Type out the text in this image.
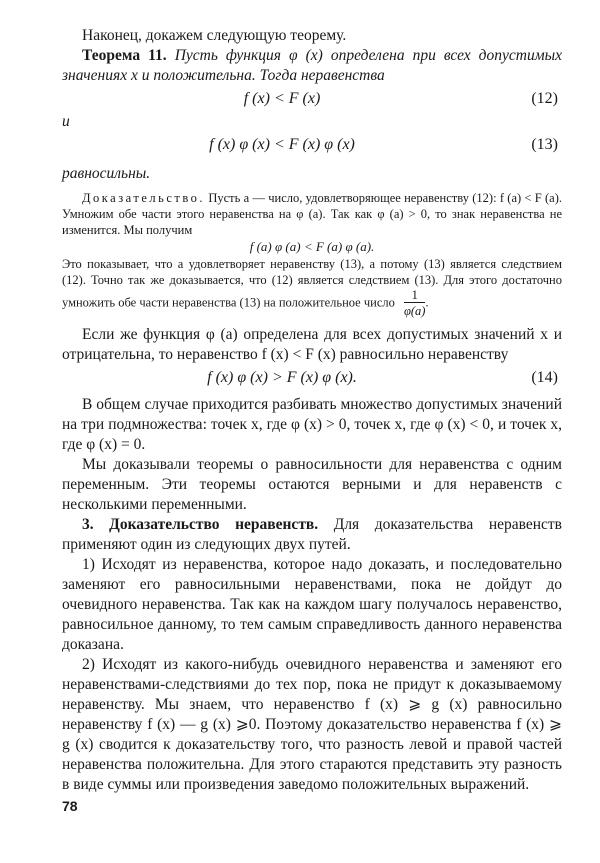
Наконец, докажем следующую теорему.

Теорема 11. Пусть функция φ (x) определена при всех допустимых значениях x и положительна. Тогда неравенства

f (x) < F (x)	(12)

и

f (x) φ (x) < F (x) φ (x)	(13)

равносильны.

Доказательство. Пусть a — число, удовлетворяющее неравенству (12): f (a) < F (a). Умножим обе части этого неравенства на φ (a). Так как φ (a) > 0, то знак неравенства не изменится. Мы получим

f (a) φ (a) < F (a) φ (a).

Это показывает, что a удовлетворяет неравенству (13), а потому (13) является следствием (12). Точно так же доказывается, что (12) является следствием (13). Для этого достаточно умножить обе части неравенства (13) на положительное число $\frac{1}{\varphi(a)}$ .

Если же функция φ (a) определена для всех допустимых значений x и отрицательна, то неравенство f (x) < F (x) равносильно неравенству

f (x) φ (x) > F (x) φ (x).	(14)

В общем случае приходится разбивать множество допустимых значений на три подмножества: точек x, где φ (x) > 0, точек x, где φ (x) < 0, и точек x, где φ (x) = 0.

Мы доказывали теоремы о равносильности для неравенства с одним переменным. Эти теоремы остаются верными и для неравенств с несколькими переменными.

3. Доказательство неравенств. Для доказательства неравенств применяют один из следующих двух путей.

1) Исходят из неравенства, которое надо доказать, и последовательно заменяют его равносильными неравенствами, пока не дойдут до очевидного неравенства. Так как на каждом шагу получалось неравенство, равносильное данному, то тем самым справедливость данного неравенства доказана.

2) Исходят из какого-нибудь очевидного неравенства и заменяют его неравенствами-следствиями до тех пор, пока не придут к доказываемому неравенству. Мы знаем, что неравенство f (x) ⩾ g (x) равносильно неравенству f (x) — g (x) ⩾0. Поэтому доказательство неравенства f (x) ⩾ g (x) сводится к доказательству того, что разность левой и правой частей неравенства положительна. Для этого стараются представить эту разность в виде суммы или произведения заведомо положительных выражений.

78
